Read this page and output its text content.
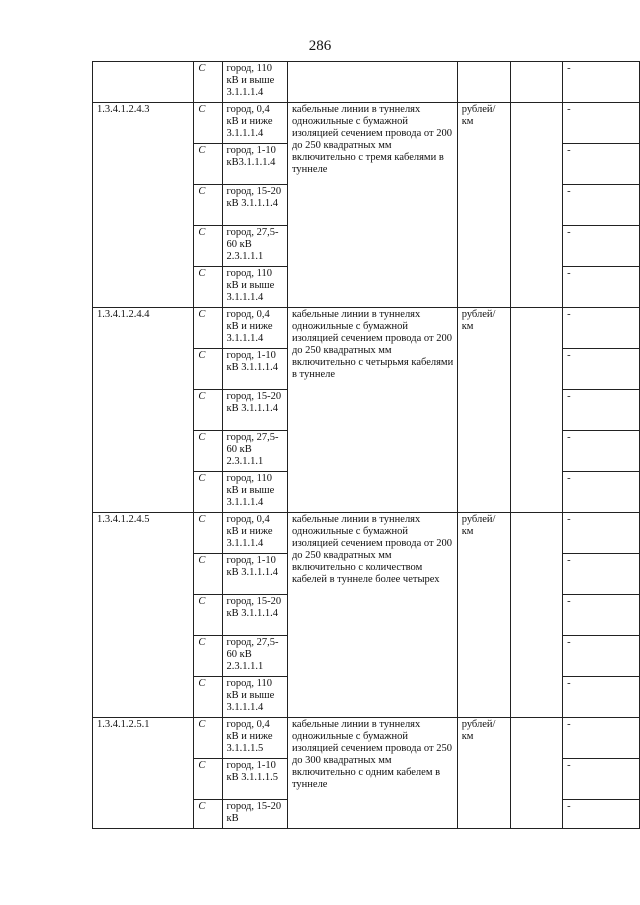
286
	C	город, 110 кВ и выше 3.1.1.1.4				-
1.3.4.1.2.4.3	C	город, 0,4 кВ и ниже 3.1.1.1.4	кабельные линии в туннелях одножильные с бумажной изоляцией сечением провода от 200 до 250 квадратных мм включительно с тремя кабелями в туннеле	рублей/км		-
	C	город, 1-10 кВ3.1.1.1.4				-
	C	город, 15-20 кВ 3.1.1.1.4				-
	C	город, 27,5-60 кВ 2.3.1.1.1				-
	C	город, 110 кВ и выше 3.1.1.1.4				-
1.3.4.1.2.4.4	C	город, 0,4 кВ и ниже 3.1.1.1.4	кабельные линии в туннелях одножильные с бумажной изоляцией сечением провода от 200 до 250 квадратных мм включительно с четырьмя кабелями в туннеле	рублей/км		-
	C	город, 1-10 кВ 3.1.1.1.4				-
	C	город, 15-20 кВ 3.1.1.1.4				-
	C	город, 27,5-60 кВ 2.3.1.1.1				-
	C	город, 110 кВ и выше 3.1.1.1.4				-
1.3.4.1.2.4.5	C	город, 0,4 кВ и ниже 3.1.1.1.4	кабельные линии в туннелях одножильные с бумажной изоляцией сечением провода от 200 до 250 квадратных мм включительно с количеством кабелей в туннеле более четырех	рублей/км		-
	C	город, 1-10 кВ 3.1.1.1.4				-
	C	город, 15-20 кВ 3.1.1.1.4				-
	C	город, 27,5-60 кВ 2.3.1.1.1				-
	C	город, 110 кВ и выше 3.1.1.1.4				-
1.3.4.1.2.5.1	C	город, 0,4 кВ и ниже 3.1.1.1.5	кабельные линии в туннелях одножильные с бумажной изоляцией сечением провода от 250 до 300 квадратных мм включительно с одним кабелем в туннеле	рублей/км		-
	C	город, 1-10 кВ 3.1.1.1.5				-
	C	город, 15-20 кВ				-
